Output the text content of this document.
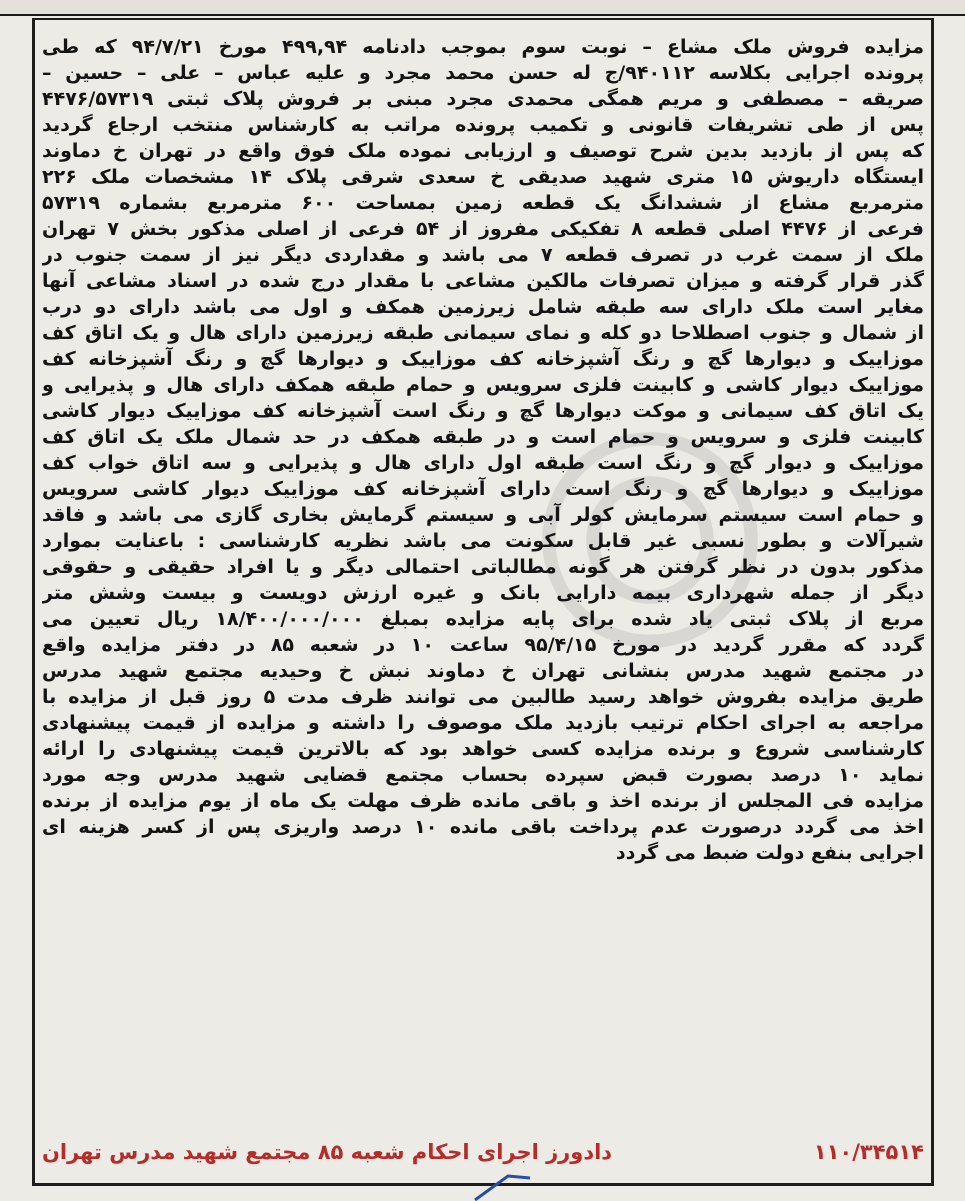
مزایده فروش ملک مشاع – نوبت سوم بموجب دادنامه ۴۹۹,۹۴ مورخ ۹۴/۷/۲۱ که طی
پرونده اجرایی بکلاسه ۹۴۰۱۱۲/ج له حسن محمد مجرد و علیه عباس – علی – حسین –
صریقه – مصطفی و مریم همگی محمدی مجرد مبنی بر فروش پلاک ثبتی ۴۴۷۶/۵۷۳۱۹
پس از طی تشریفات قانونی و تکمیب پرونده مراتب به کارشناس منتخب ارجاع گردید
که پس از بازدید بدین شرح توصیف و ارزیابی نموده ملک فوق واقع در تهران خ دماوند
ایستگاه داریوش ۱۵ متری شهید صدیقی خ سعدی شرقی پلاک ۱۴ مشخصات ملک ۲۲۶
مترمربع مشاع از ششدانگ یک قطعه زمین بمساحت ۶۰۰ مترمربع بشماره ۵۷۳۱۹
فرعی از ۴۴۷۶ اصلی قطعه ۸ تفکیکی مفروز از ۵۴ فرعی از اصلی مذکور بخش ۷ تهران
ملک از سمت غرب در تصرف قطعه ۷ می باشد و مقداردی دیگر نیز از سمت جنوب در
گذر قرار گرفته و میزان تصرفات مالکین مشاعی با مقدار درج شده در اسناد مشاعی آنها
مغایر است ملک دارای سه طبقه شامل زیرزمین همکف و اول می باشد دارای دو درب
از شمال و جنوب اصطلاحا دو کله و نمای سیمانی طبقه زیرزمین دارای هال و یک اتاق کف
موزاییک و دیوارها گچ و رنگ آشپزخانه کف موزاییک و دیوارها گچ و رنگ آشپزخانه کف
موزاییک دیوار کاشی و کابینت فلزی سرویس و حمام طبقه همکف دارای هال و پذیرایی و
یک اتاق کف سیمانی و موکت دیوارها گچ و رنگ است آشپزخانه کف موزاییک دیوار کاشی
کابینت فلزی و سرویس و حمام است و در طبقه همکف در حد شمال ملک یک اتاق کف
موزاییک و دیوار گچ و رنگ است طبقه اول دارای هال و پذیرایی و سه اتاق خواب کف
موزاییک و دیوارها گچ و رنگ است دارای آشپزخانه کف موزاییک دیوار کاشی سرویس
و حمام است سیستم سرمایش کولر آبی و سیستم گرمایش بخاری گازی می باشد و فاقد
شیرآلات و بطور نسبی غیر قابل سکونت می باشد نظریه کارشناسی : باعنایت بموارد
مذکور بدون در نظر گرفتن هر گونه مطالباتی احتمالی دیگر و یا افراد حقیقی و حقوقی
دیگر از جمله شهرداری بیمه دارایی بانک و غیره ارزش دویست و بیست وشش متر
مربع از پلاک ثبتی یاد شده برای پایه مزایده بمبلغ ۱۸/۴۰۰/۰۰۰/۰۰۰ ریال تعیین می
گردد که مقرر گردید در مورخ ۹۵/۴/۱۵ ساعت ۱۰ در شعبه ۸۵ در دفتر مزایده واقع
در مجتمع شهید مدرس بنشانی تهران خ دماوند نبش خ وحیدیه مجتمع شهید مدرس
طریق مزایده بفروش خواهد رسید طالبین می توانند ظرف مدت ۵ روز قبل از مزایده با
مراجعه به اجرای احکام ترتیب بازدید ملک موصوف را داشته و مزایده از قیمت پیشنهادی
کارشناسی شروع و برنده مزایده کسی خواهد بود که بالاترین قیمت پیشنهادی را ارائه
نماید ۱۰ درصد بصورت قبض سپرده بحساب مجتمع قضایی شهید مدرس وجه مورد
مزایده فی المجلس از برنده اخذ و باقی مانده ظرف مهلت یک ماه از یوم مزایده از برنده
اخذ می گردد درصورت عدم پرداخت باقی مانده ۱۰ درصد واریزی پس از کسر هزینه ای
اجرایی بنفع دولت ضبط می گردد
۱۱۰/۳۴۵۱۴
دادورز اجرای احکام شعبه ۸۵ مجتمع شهید مدرس تهران
